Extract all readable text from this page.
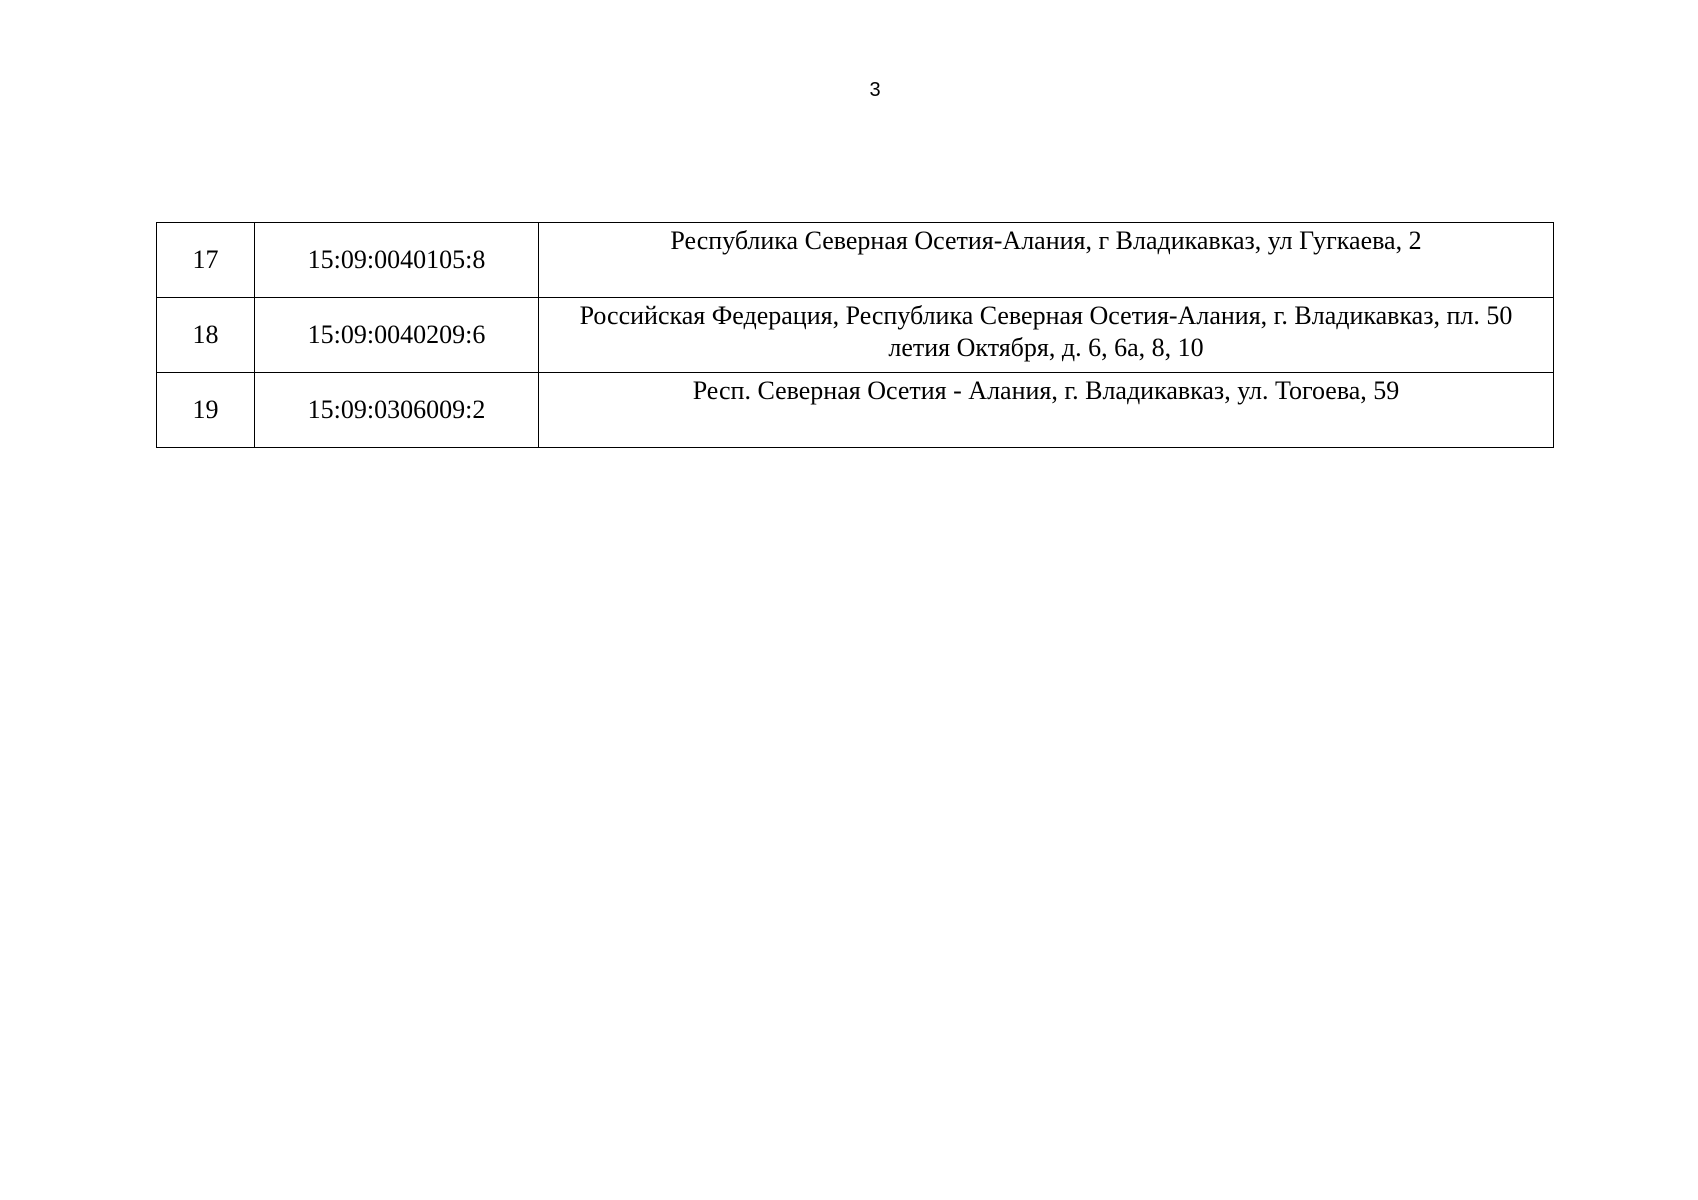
3
17	15:09:0040105:8	Республика Северная Осетия-Алания, г Владикавказ, ул Гугкаева, 2
18	15:09:0040209:6	Российская Федерация, Республика Северная Осетия-Алания, г. Владикавказ, пл. 50 летия Октября, д. 6, 6а, 8, 10
19	15:09:0306009:2	Респ. Северная Осетия - Алания, г. Владикавказ, ул. Тогоева, 59
